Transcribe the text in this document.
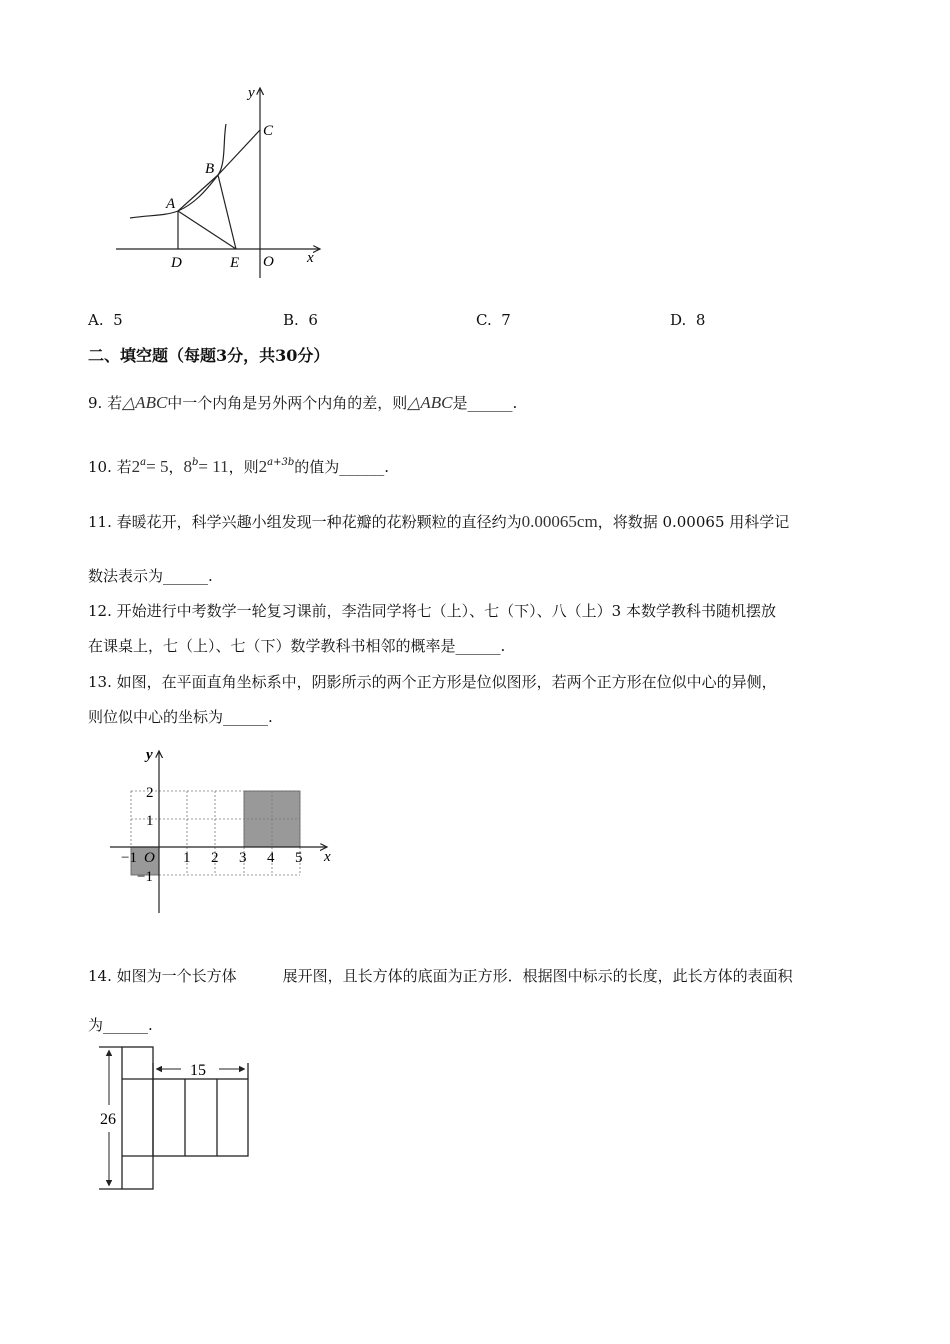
y
C
B
A
D	E O x
A. 5	B. 6	C. 7	D. 8
二、填空题（每题3分，共30分）
9. 若△ABC中一个内角是另外两个内角的差，则△ABC是______.
10. 若$2^a= 5$，$8^b= 11$，则$2^{a+3b}$的值为______.
11. 春暖花开，科学兴趣小组发现一种花瓣的花粉颗粒的直径约为0.00065cm，将数据 0.00065 用科学记
数法表示为______.
12. 开始进行中考数学一轮复习课前，李浩同学将七（上）、七（下）、八（上）3 本数学教科书随机摆放
在课桌上，七（上）、七（下）数学教科书相邻的概率是______.
13. 如图，在平面直角坐标系中，阴影所示的两个正方形是位似图形，若两个正方形在位似中心的异侧，
则位似中心的坐标为______.
y
x
O
2
1
−1
−1	1 2 3 4 5
14. 如图为一个长方体	展开图，且长方体的底面为正方形．根据图中标示的长度，此长方体的表面积
为______.
15
26
